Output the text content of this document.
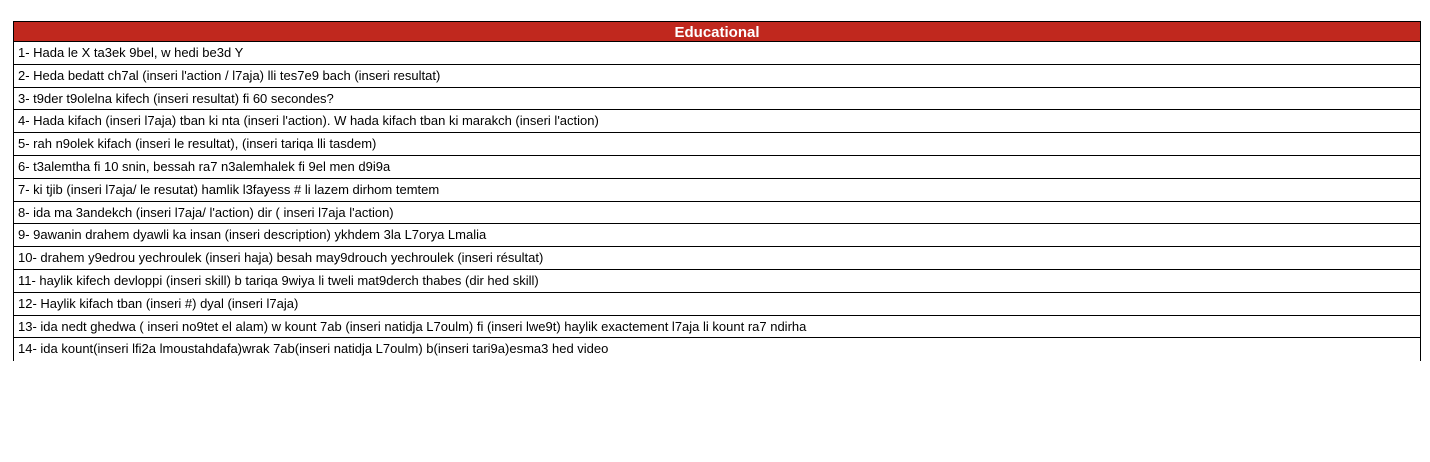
Educational
1- Hada le X ta3ek 9bel, w hedi be3d Y
2- Heda bedatt ch7al (inseri l'action / l7aja) lli tes7e9 bach (inseri resultat)
3- t9der t9olelna kifech (inseri resultat) fi 60 secondes?
4- Hada kifach (inseri l7aja) tban ki nta (inseri l'action). W hada kifach tban ki marakch (inseri l'action)
5- rah n9olek kifach (inseri le resultat), (inseri tariqa lli tasdem)
6- t3alemtha fi 10 snin, bessah ra7 n3alemhalek fi 9el men d9i9a
7- ki tjib (inseri l7aja/ le resutat) hamlik l3fayess # li lazem dirhom temtem
8- ida ma 3andekch (inseri l7aja/ l'action) dir ( inseri l7aja l'action)
9- 9awanin drahem dyawli ka insan (inseri description) ykhdem 3la L7orya Lmalia
10- drahem y9edrou yechroulek (inseri haja) besah may9drouch yechroulek (inseri résultat)
11- haylik kifech devloppi (inseri skill) b tariqa 9wiya li tweli mat9derch thabes (dir hed skill)
12- Haylik kifach tban (inseri #) dyal (inseri l7aja)
13- ida nedt ghedwa ( inseri no9tet el alam) w kount 7ab (inseri natidja L7oulm) fi (inseri lwe9t) haylik exactement l7aja li kount ra7 ndirha
14- ida kount(inseri lfi2a lmoustahdafa)wrak 7ab(inseri natidja L7oulm) b(inseri tari9a)esma3 hed video
